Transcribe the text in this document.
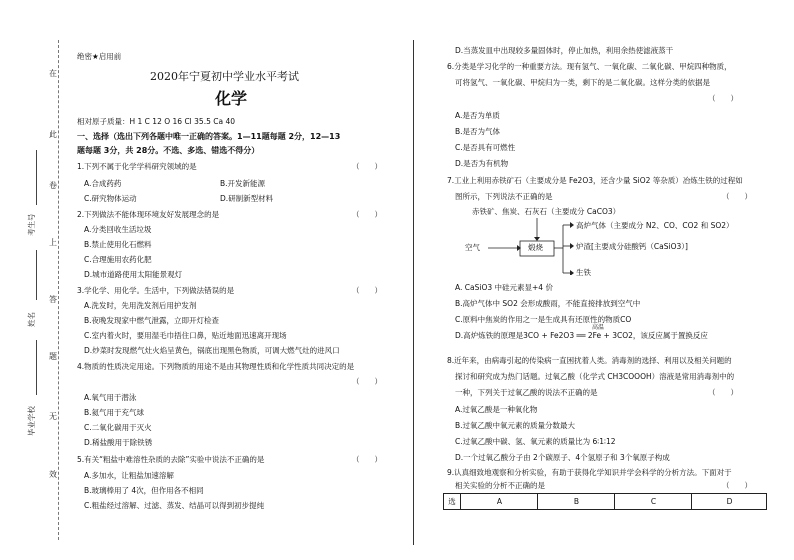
在
此
卷
上
答
题
无
效
考生号
姓名
毕业学校
绝密★启用前
2020年宁夏初中学业水平考试
化学
相对原子质量：H 1 C 12 O 16 Cl 35.5 Ca 40
一、选择（选出下列各题中唯一正确的答案。1—11题每题 2分，12—13
题每题 3分，共 28分。不选、多选、错选不得分）
1.下列不属于化学学科研究领域的是	（　　）
A.合成药药	B.开发新能源
C.研究物体运动	D.研制新型材料
2.下列做法不能体现环境友好发展理念的是	（　　）
A.分类回收生活垃圾
B.禁止使用化石燃料
C.合理施用农药化肥
D.城市道路使用太阳能景观灯
3.学化学、用化学。生活中，下列做法错误的是	（　　）
A.洗发时，先用洗发剂后用护发剂
B.夜晚发现家中燃气泄露，立即开灯检查
C.室内着火时，要用湿毛巾捂住口鼻，贴近地面迅速离开现场
D.炒菜时发现燃气灶火焰呈黄色，锅底出现黑色物质，可调大燃气灶的进风口
4.物质的性质决定用途。下列物质的用途不是由其物理性质和化学性质共同决定的是
（　　）
A.氧气用于潜泳
B.氦气用于充气球
C.二氧化碳用于灭火
D.稀盐酸用于除铁锈
5.有关“粗盐中难溶性杂质的去除”实验中说法不正确的是	（　　）
A.多加水，让粗盐加速溶解
B.玻璃棒用了 4次，但作用各不相同
C.粗盐经过溶解、过滤、蒸发、结晶可以得到初步提纯
D.当蒸发皿中出现较多量固体时，停止加热，利用余热使滤液蒸干
6.分类是学习化学的一种重要方法。现有氢气、一氧化碳、二氧化碳、甲烷四种物质，
可将氢气、一氧化碳、甲烷归为一类，剩下的是二氧化碳。这样分类的依据是
（　　）
A.是否为单质
B.是否为气体
C.是否具有可燃性
D.是否为有机物
7.工业上利用赤铁矿石（主要成分是 Fe2O3，还含少量 SiO2 等杂质）冶炼生铁的过程如
图所示，下列说法不正确的是	（　　）
赤铁矿、焦炭、石灰石（主要成分 CaCO3）
空气	煅烧
高炉气体（主要成分 N2、CO、CO2 和 SO2）
炉渣[主要成分硅酸钙（CaSiO3）]
生铁
A. CaSiO3 中硅元素显+4 价
B.高炉气体中 SO2 会形成酸雨，不能直接排放到空气中
C.原料中焦炭的作用之一是生成具有还原性的物质CO
高温
D.高炉炼铁的原理是3CO + Fe2O3 ══ 2Fe + 3CO2，该反应属于置换反应
8.近年来，由病毒引起的传染病一直困扰着人类。消毒剂的选择、利用以及相关问题的
探讨和研究成为热门话题。过氧乙酸（化学式 CH3COOOH）溶液是常用消毒剂中的
一种，下列关于过氧乙酸的说法不正确的是	（　　）
A.过氧乙酸是一种氧化物
B.过氧乙酸中氧元素的质量分数最大
C.过氧乙酸中碳、氢、氧元素的质量比为 6∶1∶12
D.一个过氧乙酸分子由 2个碳原子、4个氢原子和 3个氧原子构成
9.认真细致地观察和分析实验，有助于获得化学知识并学会科学的分析方法。下面对于
相关实验的分析不正确的是	（　　）
选	A	B	C	D
